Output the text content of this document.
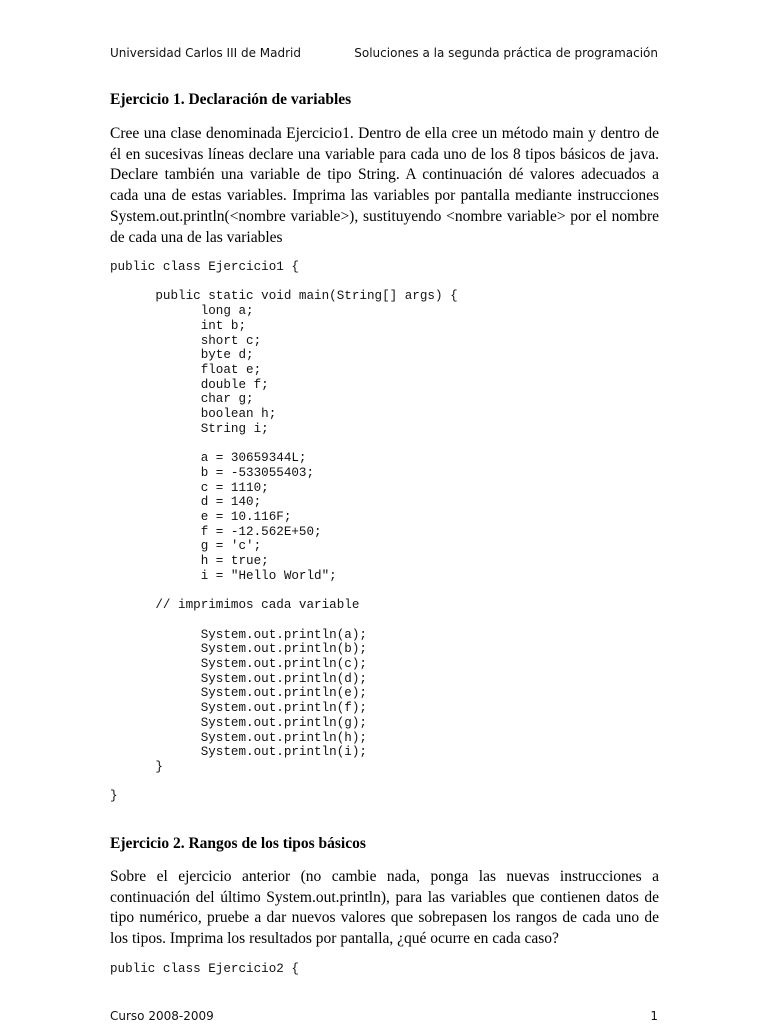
Universidad Carlos III de Madrid	Soluciones a la segunda práctica de programación
Ejercicio 1. Declaración de variables

Cree una clase denominada Ejercicio1. Dentro de ella cree un método main y dentro de él en sucesivas líneas declare una variable para cada uno de los 8 tipos básicos de java. Declare también una variable de tipo String. A continuación dé valores adecuados a cada una de estas variables. Imprima las variables por pantalla mediante instrucciones System.out.println(<nombre variable>), sustituyendo <nombre variable> por el nombre de cada una de las variables

public class Ejercicio1 {

public static void main(String[] args) {
long a;
int b;
short c;
byte d;
float e;
double f;
char g;
boolean h;
String i;

a = 30659344L;
b = -533055403;
c = 1110;
d = 140;
e = 10.116F;
f = -12.562E+50;
g = 'c';
h = true;
i = "Hello World";

// imprimimos cada variable

System.out.println(a);
System.out.println(b);
System.out.println(c);
System.out.println(d);
System.out.println(e);
System.out.println(f);
System.out.println(g);
System.out.println(h);
System.out.println(i);
}

}
Ejercicio 2. Rangos de los tipos básicos

Sobre el ejercicio anterior (no cambie nada, ponga las nuevas instrucciones a continuación del último System.out.println), para las variables que contienen datos de tipo numérico, pruebe a dar nuevos valores que sobrepasen los rangos de cada uno de los tipos. Imprima los resultados por pantalla, ¿qué ocurre en cada caso?

public class Ejercicio2 {
Curso 2008-2009	1
